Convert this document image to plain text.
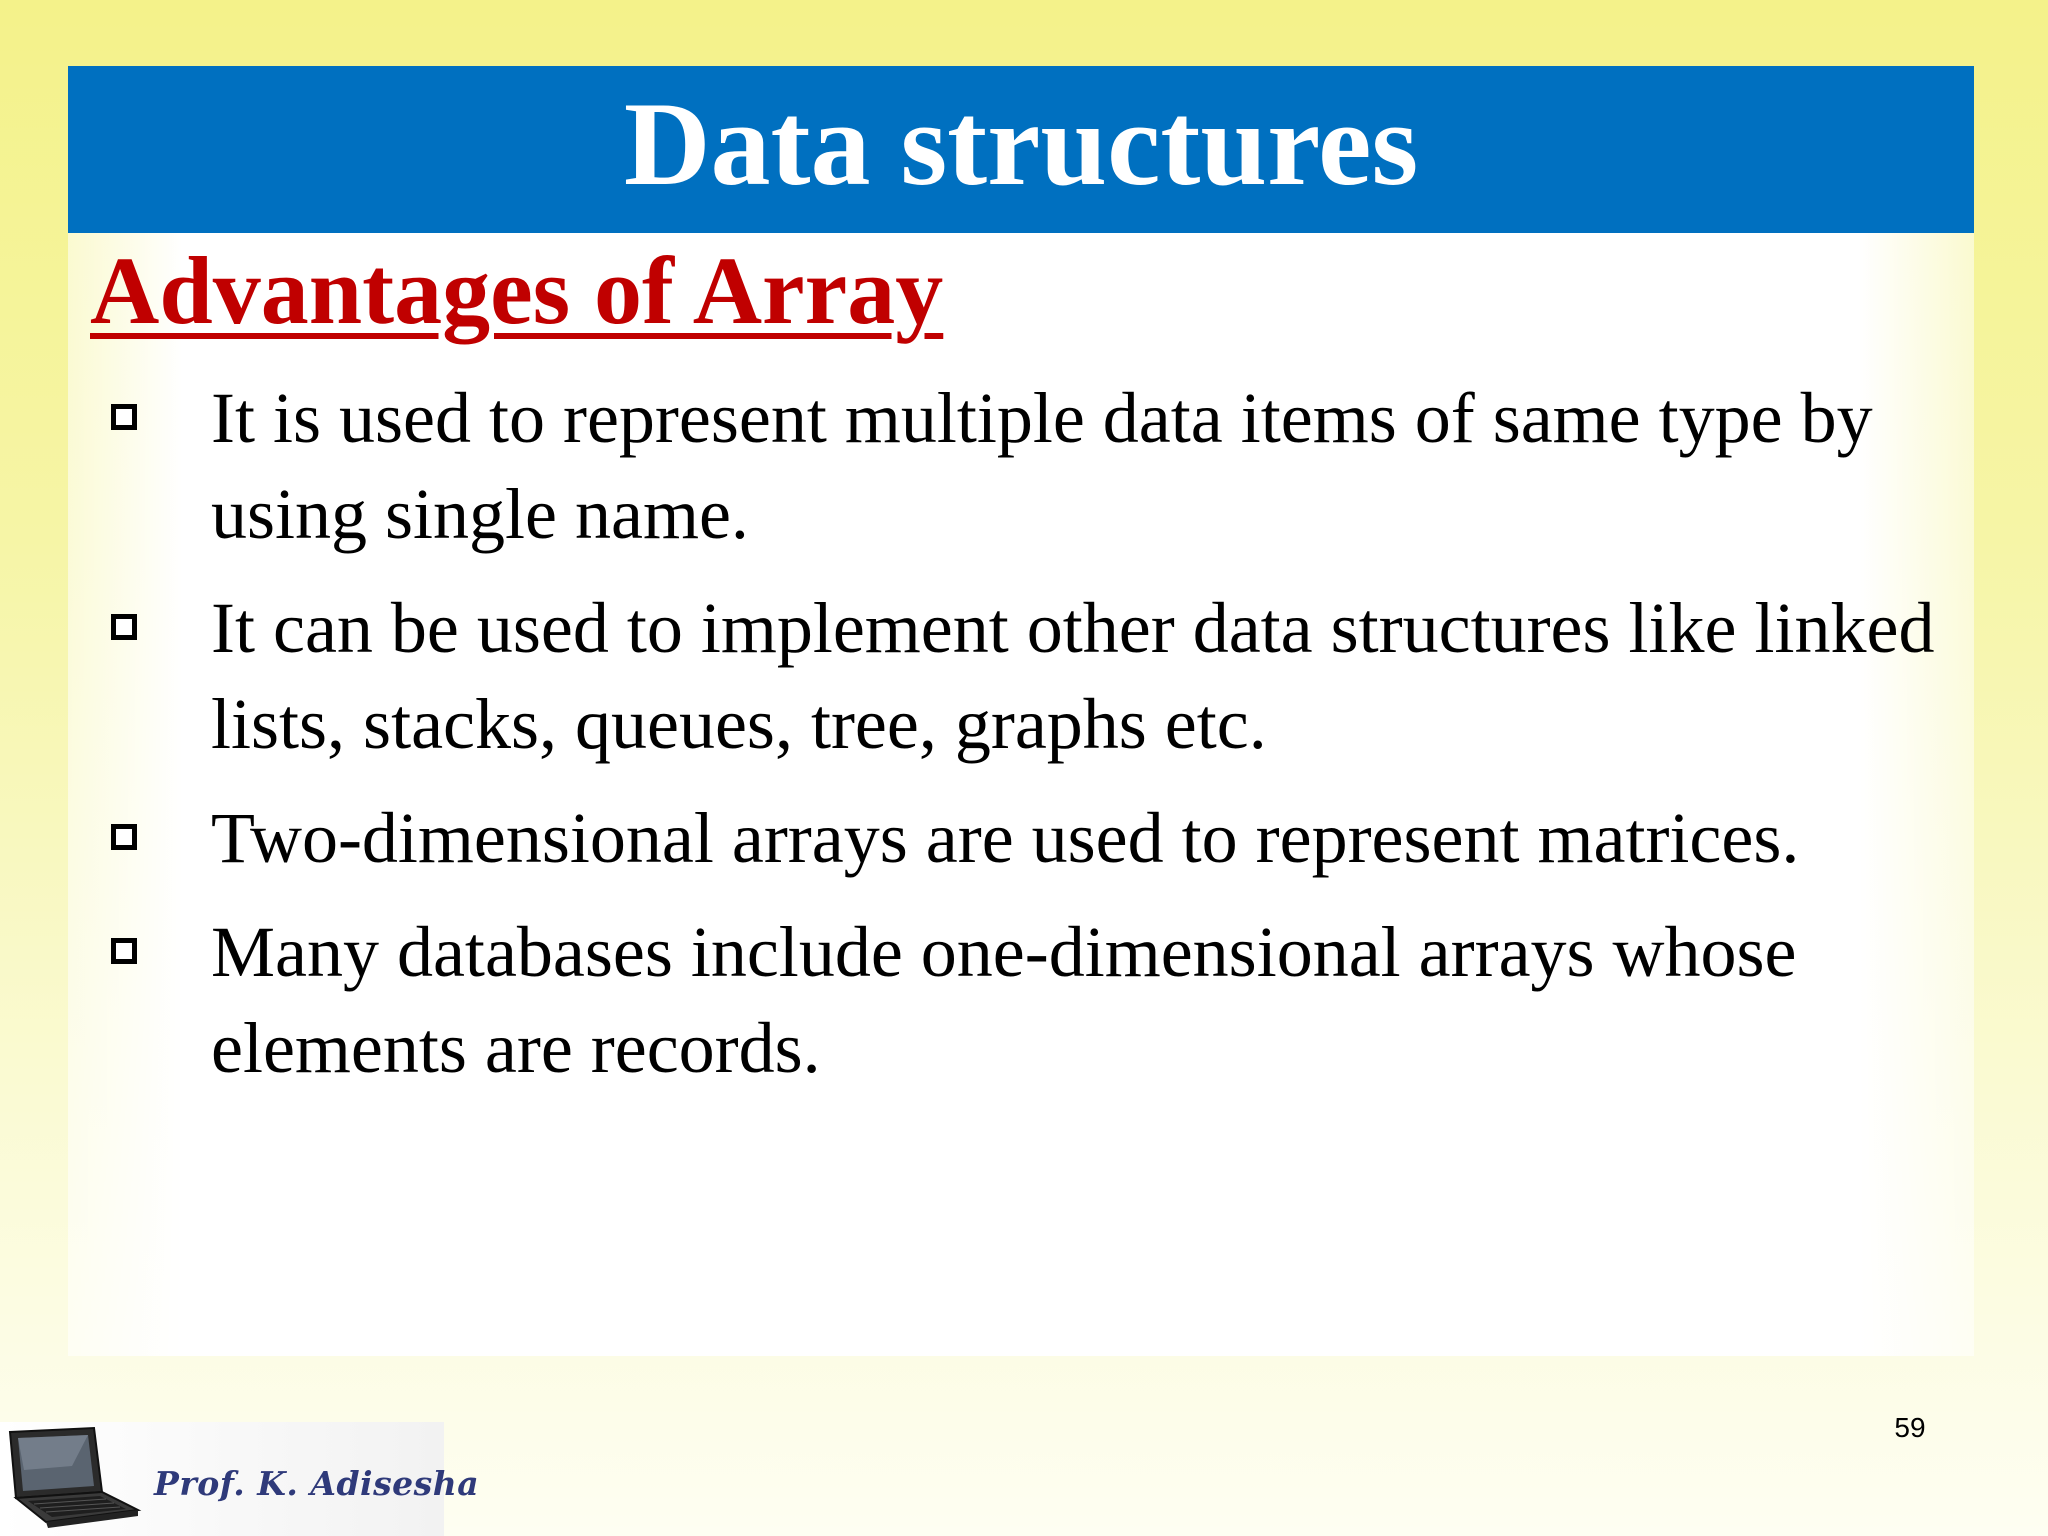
Data structures
Advantages of Array
It is used to represent multiple data items of same type by using single name.
It can be used to implement other data structures like linked lists, stacks, queues, tree, graphs etc.
Two-dimensional arrays are used to represent matrices.
Many databases include one-dimensional arrays whose elements are records.
59
Prof. K. Adisesha
